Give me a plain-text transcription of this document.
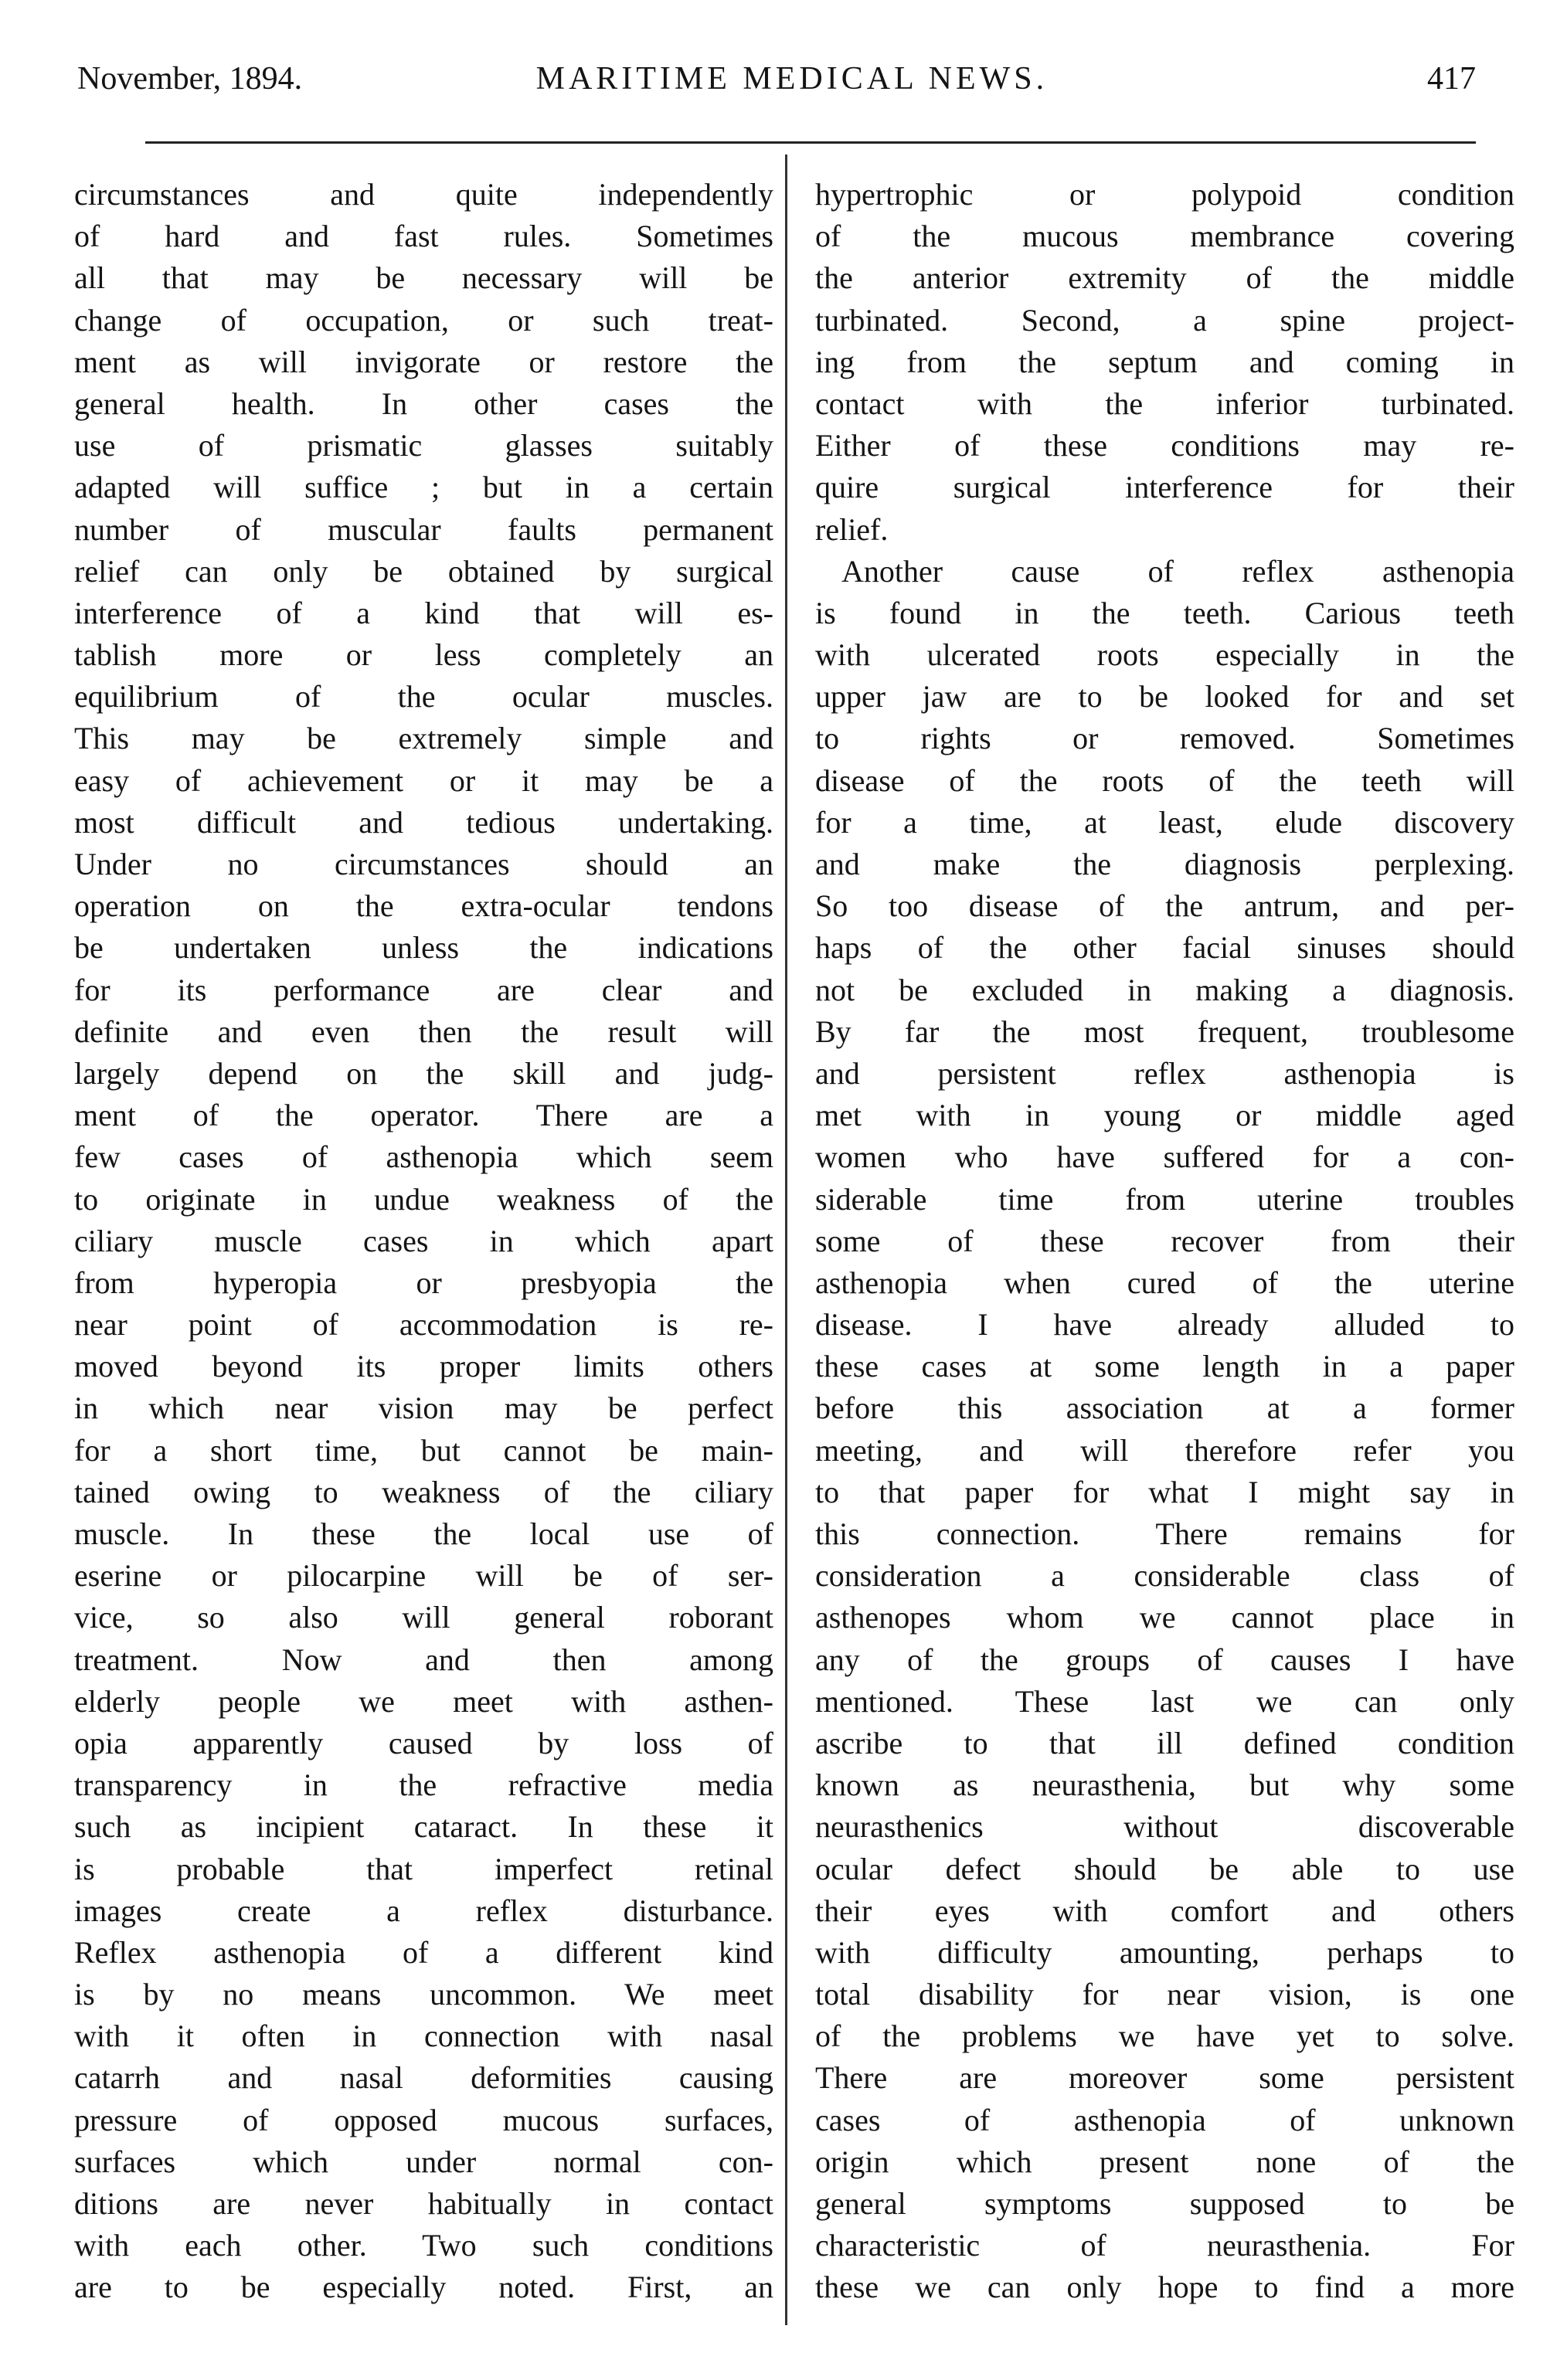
November, 1894.	MARITIME MEDICAL NEWS.	417
circumstances and quite independently
of hard and fast rules. Sometimes
all that may be necessary will be
change of occupation, or such treat-
ment as will invigorate or restore the
general health. In other cases the
use of prismatic glasses suitably
adapted will suffice ; but in a certain
number of muscular faults permanent
relief can only be obtained by surgical
interference of a kind that will es-
tablish more or less completely an
equilibrium of the ocular muscles.
This may be extremely simple and
easy of achievement or it may be a
most difficult and tedious undertaking.
Under no circumstances should an
operation on the extra-ocular tendons
be undertaken unless the indications
for its performance are clear and
definite and even then the result will
largely depend on the skill and judg-
ment of the operator. There are a
few cases of asthenopia which seem
to originate in undue weakness of the
ciliary muscle cases in which apart
from hyperopia or presbyopia the
near point of accommodation is re-
moved beyond its proper limits others
in which near vision may be perfect
for a short time, but cannot be main-
tained owing to weakness of the ciliary
muscle. In these the local use of
eserine or pilocarpine will be of ser-
vice, so also will general roborant
treatment. Now and then among
elderly people we meet with asthen-
opia apparently caused by loss of
transparency in the refractive media
such as incipient cataract. In these it
is probable that imperfect retinal
images create a reflex disturbance.
Reflex asthenopia of a different kind
is by no means uncommon. We meet
with it often in connection with nasal
catarrh and nasal deformities causing
pressure of opposed mucous surfaces,
surfaces which under normal con-
ditions are never habitually in contact
with each other. Two such conditions
are to be especially noted. First, an
hypertrophic or polypoid condition
of the mucous membrance covering
the anterior extremity of the middle
turbinated. Second, a spine project-
ing from the septum and coming in
contact with the inferior turbinated.
Either of these conditions may re-
quire surgical interference for their
relief.
Another cause of reflex asthenopia
is found in the teeth. Carious teeth
with ulcerated roots especially in the
upper jaw are to be looked for and set
to rights or removed. Sometimes
disease of the roots of the teeth will
for a time, at least, elude discovery
and make the diagnosis perplexing.
So too disease of the antrum, and per-
haps of the other facial sinuses should
not be excluded in making a diagnosis.
By far the most frequent, troublesome
and persistent reflex asthenopia is
met with in young or middle aged
women who have suffered for a con-
siderable time from uterine troubles
some of these recover from their
asthenopia when cured of the uterine
disease. I have already alluded to
these cases at some length in a paper
before this association at a former
meeting, and will therefore refer you
to that paper for what I might say in
this connection. There remains for
consideration a considerable class of
asthenopes whom we cannot place in
any of the groups of causes I have
mentioned. These last we can only
ascribe to that ill defined condition
known as neurasthenia, but why some
neurasthenics without discoverable
ocular defect should be able to use
their eyes with comfort and others
with difficulty amounting, perhaps to
total disability for near vision, is one
of the problems we have yet to solve.
There are moreover some persistent
cases of asthenopia of unknown
origin which present none of the
general symptoms supposed to be
characteristic of neurasthenia. For
these we can only hope to find a more
